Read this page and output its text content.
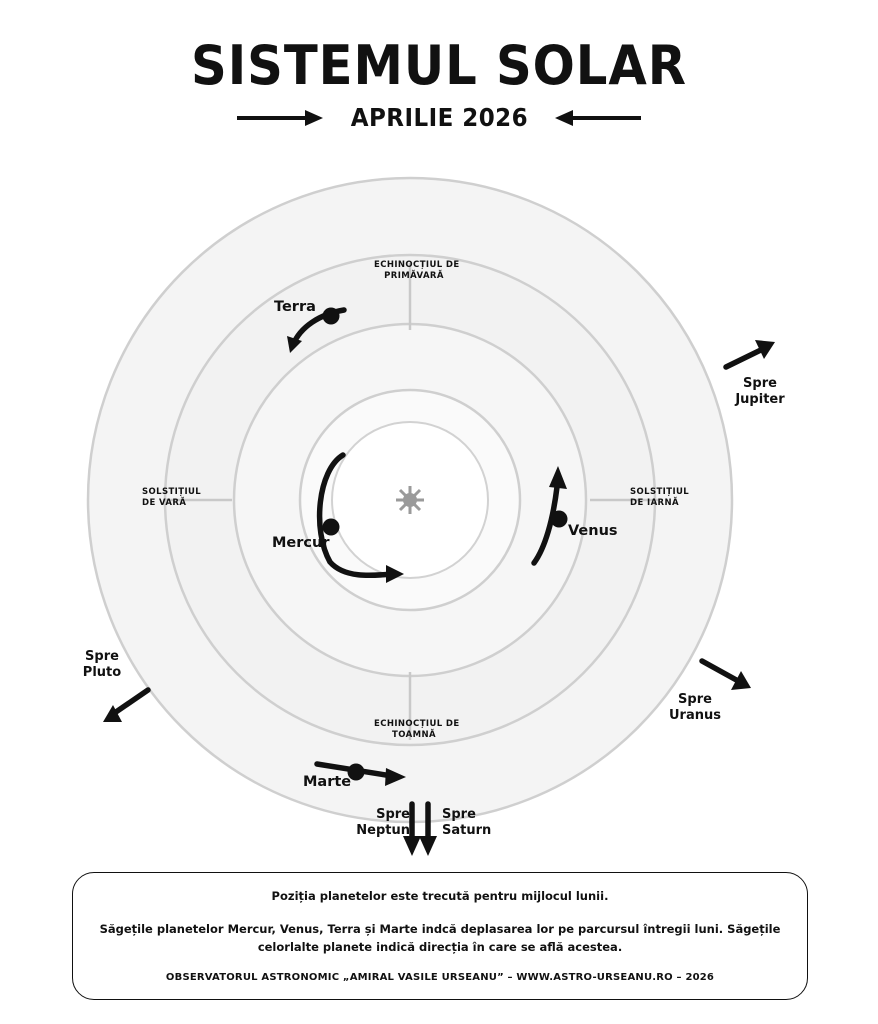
SISTEMUL SOLAR
APRILIE 2026
ECHINOCȚIUL DE
PRIMĂVARĂ
SOLSTIȚIUL
DE VARĂ
SOLSTIȚIUL
DE IARNĂ
ECHINOCȚIUL DE
TOAMNĂ
Terra
Mercur
Venus
Marte
Spre
Jupiter
Spre
Uranus
Spre
Pluto
Spre
Neptun
Spre
Saturn
Poziția planetelor este trecută pentru mijlocul lunii.
Săgețile planetelor Mercur, Venus, Terra și Marte indcă deplasarea lor pe parcursul întregii luni. Săgețile celorlalte planete indică direcția în care se află acestea.
OBSERVATORUL ASTRONOMIC „AMIRAL VASILE URSEANU” – WWW.ASTRO-URSEANU.RO – 2026
